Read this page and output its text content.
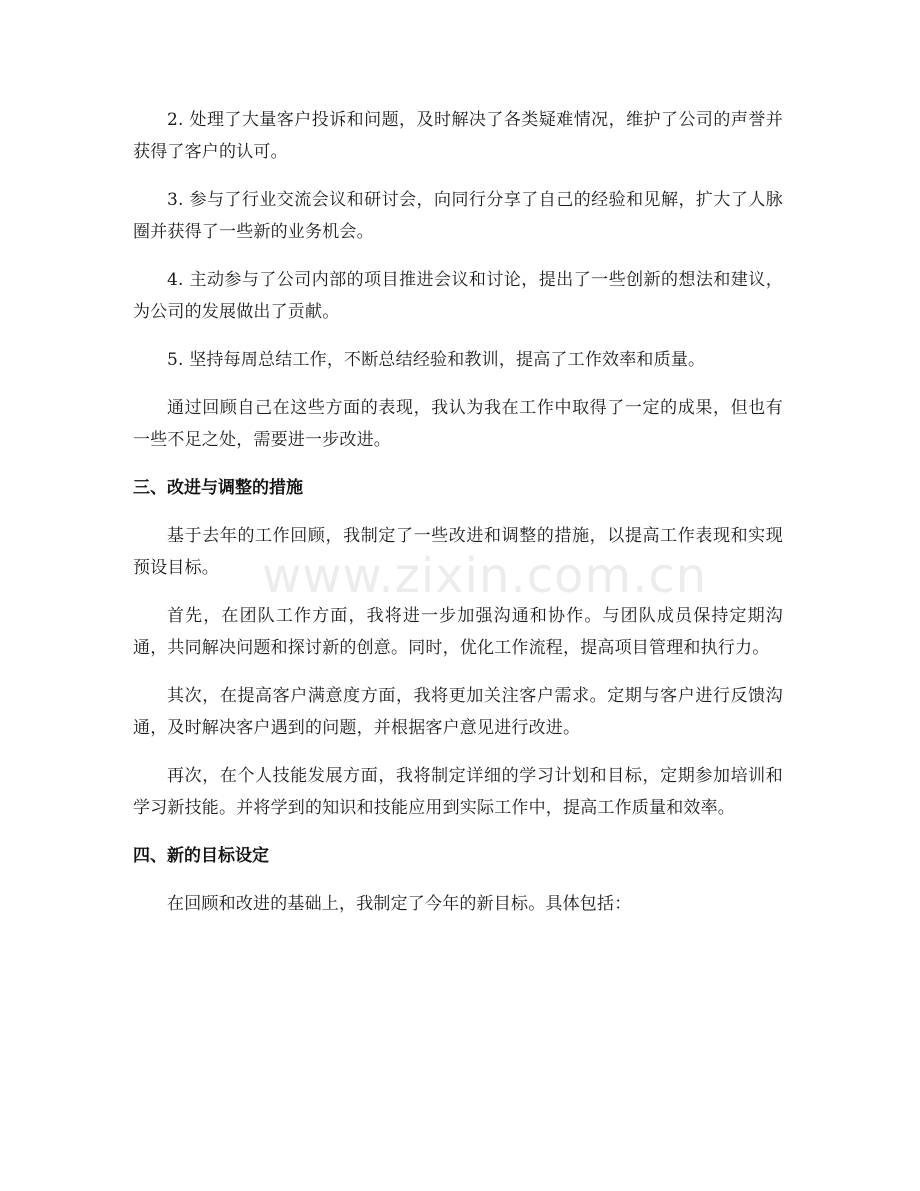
2. 处理了大量客户投诉和问题，及时解决了各类疑难情况，维护了公司的声誉并获得了客户的认可。

3. 参与了行业交流会议和研讨会，向同行分享了自己的经验和见解，扩大了人脉圈并获得了一些新的业务机会。

4. 主动参与了公司内部的项目推进会议和讨论，提出了一些创新的想法和建议，为公司的发展做出了贡献。

5. 坚持每周总结工作，不断总结经验和教训，提高了工作效率和质量。

通过回顾自己在这些方面的表现，我认为我在工作中取得了一定的成果，但也有一些不足之处，需要进一步改进。

三、改进与调整的措施

基于去年的工作回顾，我制定了一些改进和调整的措施，以提高工作表现和实现预设目标。

首先，在团队工作方面，我将进一步加强沟通和协作。与团队成员保持定期沟通，共同解决问题和探讨新的创意。同时，优化工作流程，提高项目管理和执行力。

其次，在提高客户满意度方面，我将更加关注客户需求。定期与客户进行反馈沟通，及时解决客户遇到的问题，并根据客户意见进行改进。

再次，在个人技能发展方面，我将制定详细的学习计划和目标，定期参加培训和学习新技能。并将学到的知识和技能应用到实际工作中，提高工作质量和效率。

四、新的目标设定

在回顾和改进的基础上，我制定了今年的新目标。具体包括：

www.zixin.com.cn
